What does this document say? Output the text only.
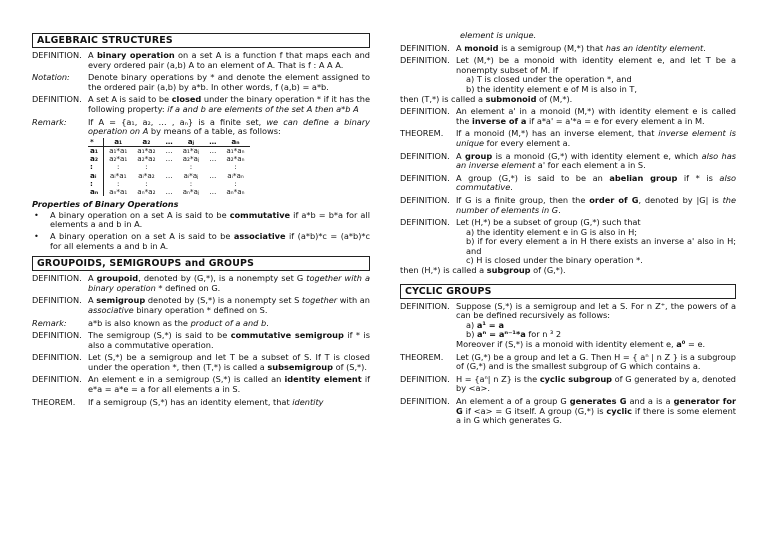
ALGEBRAIC STRUCTURES
DEFINITION. A binary operation on a set A is a function f that maps each and every ordered pair (a,b) A to an element of A. That is f : A A A.
Notation:	Denote binary operations by * and denote the element assigned to the ordered pair (a,b) by a*b. In other words, f (a,b) = a*b.
DEFINITION. A set A is said to be closed under the binary operation * if it has the following property: if a and b are elements of the set A then a*b A
Remark:	If A = {a₁, a₂, … , aₙ} is a finite set, we can define a binary operation on A by means of a table, as follows:
*	a₁	a₂	…	aⱼ	…	aₙ
a₁	a₁*a₁	a₁*a₂	…	a₁*aⱼ	…	a₁*aₙ
a₂	a₂*a₁	a₂*a₂	…	a₂*aⱼ	…	a₂*aₙ
:	:	:		:		:
aᵢ	aᵢ*a₁	aᵢ*a₂	…	aᵢ*aⱼ	…	aᵢ*aₙ
:	:	:		:		:
aₙ	aₙ*a₁	aₙ*a₂	…	aₙ*aⱼ	…	aₙ*aₙ
Properties of Binary Operations
•	A binary operation on a set A is said to be commutative if a*b = b*a for all elements a and b in A.
•	A binary operation on a set A is said to be associative if (a*b)*c = (a*b)*c for all elements a and b in A.
GROUPOIDS, SEMIGROUPS and GROUPS
DEFINITION. A groupoid, denoted by (G,*), is a nonempty set G together with a binary operation * defined on G.
DEFINITION. A semigroup denoted by (S,*) is a nonempty set S together with an associative binary operation * defined on S.
Remark:	a*b is also known as the product of a and b.
DEFINITION. The semigroup (S,*) is said to be commutative semigroup if * is also a commutative operation.
DEFINITION. Let (S,*) be a semigroup and let T be a subset of S. If T is closed under the operation *, then (T,*) is called a subsemigroup of (S,*).
DEFINITION. An element e in a semigroup (S,*) is called an identity element if e*a = a*e = a for all elements a in S.
THEOREM.	If a semigroup (S,*) has an identity element, that identity
element is unique.
DEFINITION. A monoid is a semigroup (M,*) that has an identity element.
DEFINITION. Let (M,*) be a monoid with identity element e, and let T be a nonempty subset of M. If
a) T is closed under the operation *, and
b) the identity element e of M is also in T,
then (T,*) is called a submonoid of (M,*).
DEFINITION. An element a' in a monoid (M,*) with identity element e is called the inverse of a if a*a' = a'*a = e for every element a in M.
THEOREM.	If a monoid (M,*) has an inverse element, that inverse element is unique for every element a.
DEFINITION. A group is a monoid (G,*) with identity element e, which also has an inverse element a' for each element a in S.
DEFINITION. A group (G,*) is said to be an abelian group if * is also commutative.
DEFINITION. If G is a finite group, then the order of G, denoted by |G| is the number of elements in G.
DEFINITION. Let (H,*) be a subset of group (G,*) such that
a) the identity element e in G is also in H;
b) if for every element a in H there exists an inverse a' also in H; and
c) H is closed under the binary operation *.
then (H,*) is called a subgroup of (G,*).
CYCLIC GROUPS
DEFINITION. Suppose (S,*) is a semigroup and let a S. For n Z⁺, the powers of a can be defined recursively as follows:
a) a¹ = a
b) aⁿ = aⁿ⁻¹*a for n ³ 2
Moreover if (S,*) is a monoid with identity element e, a⁰ = e.
THEOREM.	Let (G,*) be a group and let a G. Then H = { aⁿ | n Z } is a subgroup of (G,*) and is the smallest subgroup of G which contains a.
DEFINITION. H = {aⁿ| n Z} is the cyclic subgroup of G generated by a, denoted by <a>.
DEFINITION. An element a of a group G generates G and a is a generator for G if <a> = G itself. A group (G,*) is cyclic if there is some element a in G which generates G.
